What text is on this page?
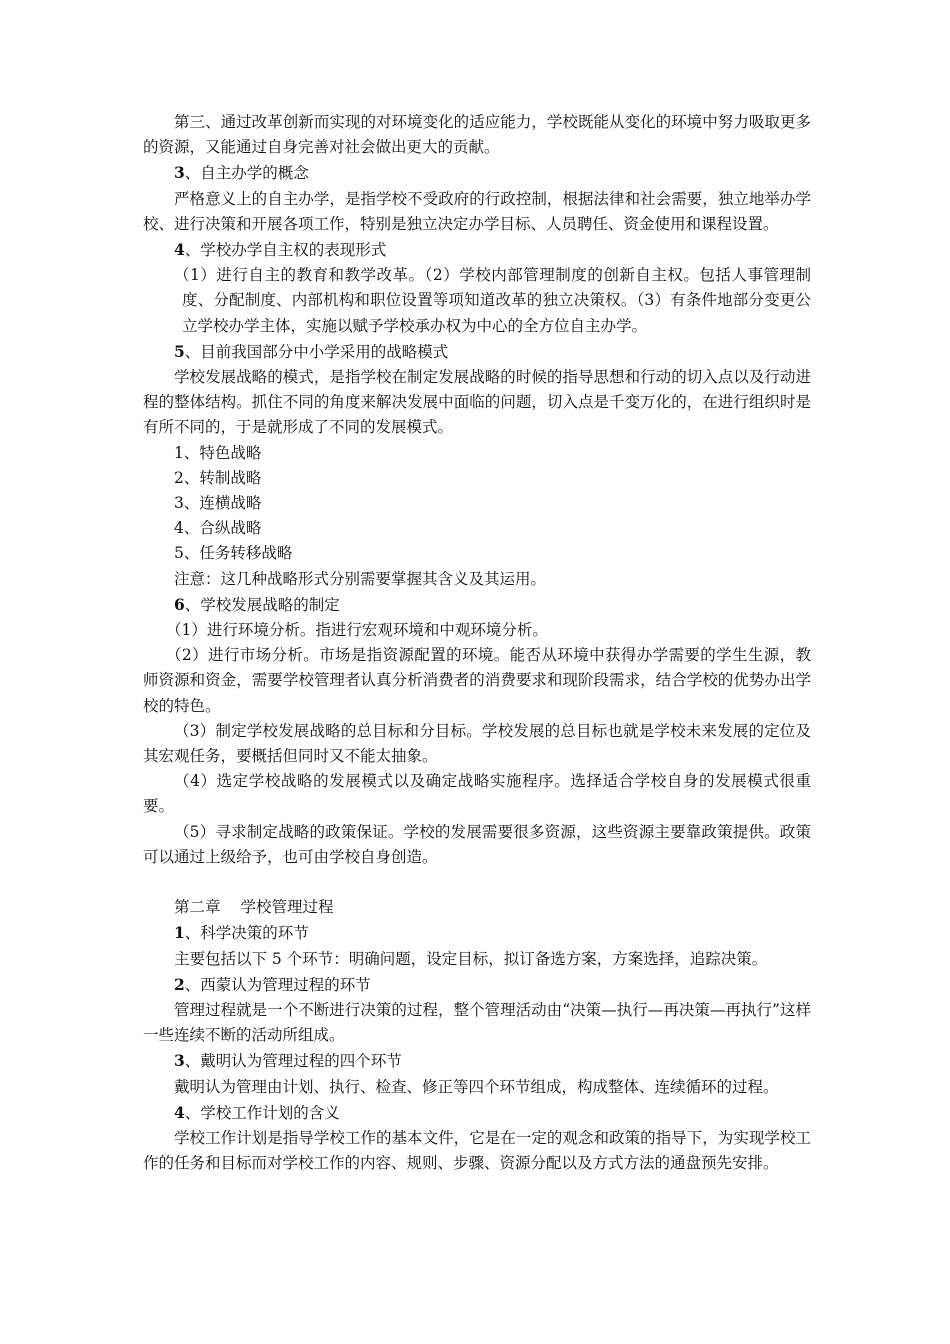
第三、通过改革创新而实现的对环境变化的适应能力，学校既能从变化的环境中努力吸取更多的资源，又能通过自身完善对社会做出更大的贡献。

3、自主办学的概念

严格意义上的自主办学，是指学校不受政府的行政控制，根据法律和社会需要，独立地举办学校、进行决策和开展各项工作，特别是独立决定办学目标、人员聘任、资金使用和课程设置。

4、学校办学自主权的表现形式

（1）进行自主的教育和教学改革。（2）学校内部管理制度的创新自主权。包括人事管理制度、分配制度、内部机构和职位设置等项知道改革的独立决策权。（3）有条件地部分变更公立学校办学主体，实施以赋予学校承办权为中心的全方位自主办学。

5、目前我国部分中小学采用的战略模式

学校发展战略的模式，是指学校在制定发展战略的时候的指导思想和行动的切入点以及行动进程的整体结构。抓住不同的角度来解决发展中面临的问题，切入点是千变万化的，在进行组织时是有所不同的，于是就形成了不同的发展模式。

1、特色战略

2、转制战略

3、连横战略

4、合纵战略

5、任务转移战略

注意：这几种战略形式分别需要掌握其含义及其运用。

6、学校发展战略的制定

（1）进行环境分析。指进行宏观环境和中观环境分析。

（2）进行市场分析。市场是指资源配置的环境。能否从环境中获得办学需要的学生生源，教师资源和资金，需要学校管理者认真分析消费者的消费要求和现阶段需求，结合学校的优势办出学校的特色。

（3）制定学校发展战略的总目标和分目标。学校发展的总目标也就是学校未来发展的定位及其宏观任务，要概括但同时又不能太抽象。

（4）选定学校战略的发展模式以及确定战略实施程序。选择适合学校自身的发展模式很重要。

（5）寻求制定战略的政策保证。学校的发展需要很多资源，这些资源主要靠政策提供。政策可以通过上级给予，也可由学校自身创造。

第二章 学校管理过程

1、科学决策的环节

主要包括以下 5 个环节：明确问题，设定目标，拟订备选方案，方案选择，追踪决策。

2、西蒙认为管理过程的环节

管理过程就是一个不断进行决策的过程，整个管理活动由“决策—执行—再决策—再执行”这样一些连续不断的活动所组成。

3、戴明认为管理过程的四个环节

戴明认为管理由计划、执行、检查、修正等四个环节组成，构成整体、连续循环的过程。

4、学校工作计划的含义

学校工作计划是指导学校工作的基本文件，它是在一定的观念和政策的指导下，为实现学校工作的任务和目标而对学校工作的内容、规则、步骤、资源分配以及方式方法的通盘预先安排。
